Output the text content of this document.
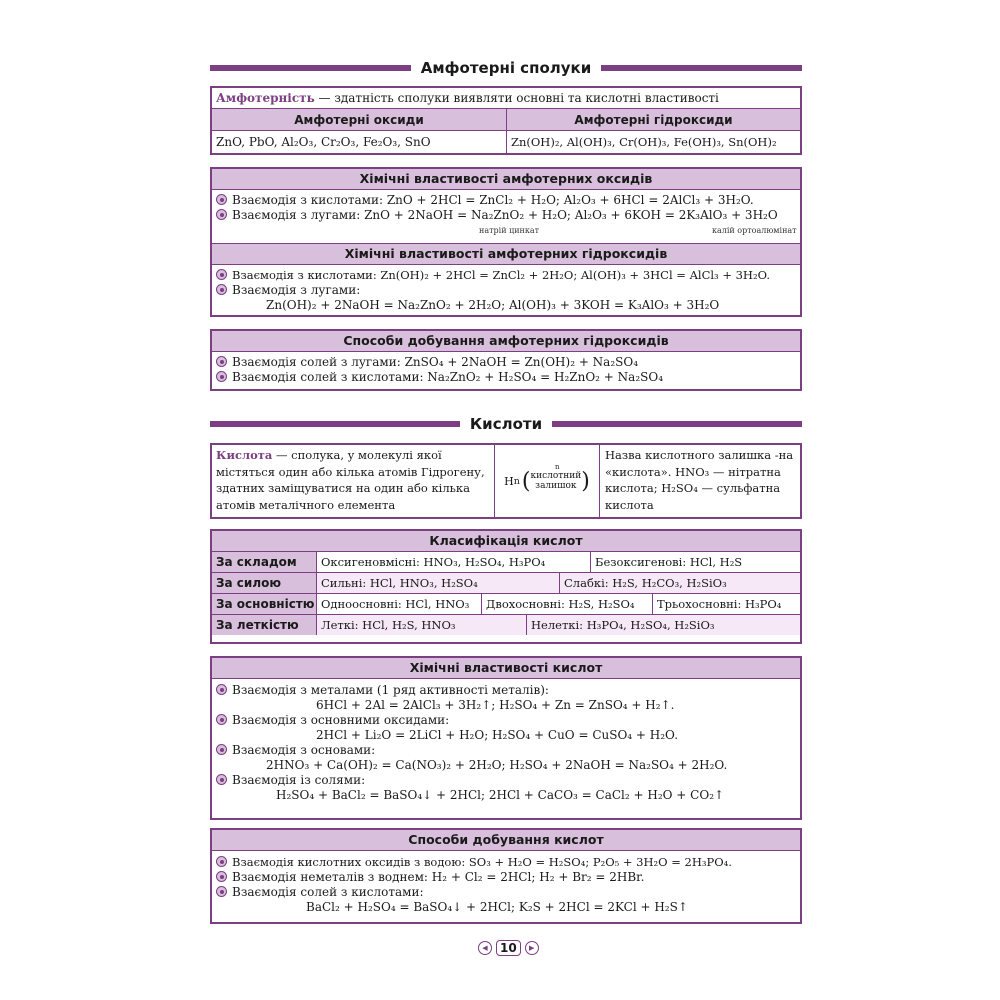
Амфотерні сполуки
Амфотерність — здатність сполуки виявляти основні та кислотні властивості
Амфотерні оксиди	Амфотерні гідроксиди
ZnO, PbO, Al₂O₃, Cr₂O₃, Fe₂O₃, SnO	Zn(OH)₂, Al(OH)₃, Cr(OH)₃, Fe(OH)₃, Sn(OH)₂
Хімічні властивості амфотерних оксидів
Взаємодія з кислотами: ZnO + 2HCl = ZnCl₂ + H₂O; Al₂O₃ + 6HCl = 2AlCl₃ + 3H₂O.
Взаємодія з лугами: ZnO + 2NaOH = Na₂ZnO₂ + H₂O; Al₂O₃ + 6KOH = 2K₃AlO₃ + 3H₂O
натрій цинкат	калій ортоалюмінат
Хімічні властивості амфотерних гідроксидів
Взаємодія з кислотами: Zn(OH)₂ + 2HCl = ZnCl₂ + 2H₂O; Al(OH)₃ + 3HCl = AlCl₃ + 3H₂O.
Взаємодія з лугами:
Zn(OH)₂ + 2NaOH = Na₂ZnO₂ + 2H₂O; Al(OH)₃ + 3KOH = K₃AlO₃ + 3H₂O
Способи добування амфотерних гідроксидів
Взаємодія солей з лугами: ZnSO₄ + 2NaOH = Zn(OH)₂ + Na₂SO₄
Взаємодія солей з кислотами: Na₂ZnO₂ + H₂SO₄ = H₂ZnO₂ + Na₂SO₄
Кислоти
Кислота — сполука, у молекулі якої містяться один або кілька атомів Гідрогену, здатних заміщуватися на один або кілька атомів металічного елемента
H n ( кислотний
залишок )
n
Назва кислотного залишка -на «кислота». HNO₃ — нітратна кислота; H₂SO₄ — сульфатна кислота
Класифікація кислот
За складом	Оксигеновмісні: HNO₃, H₂SO₄, H₃PO₄	Безоксигенові: HCl, H₂S
За силою	Сильні: HCl, HNO₃, H₂SO₄	Слабкі: H₂S, H₂CO₃, H₂SiO₃
За основністю Одноосновні: HCl, HNO₃	Двохосновні: H₂S, H₂SO₄	Трьохосновні: H₃PO₄
За леткістю	Леткі: HCl, H₂S, HNO₃	Нелеткі: H₃PO₄, H₂SO₄, H₂SiO₃
Хімічні властивості кислот
Взаємодія з металами (1 ряд активності металів):
6HCl + 2Al = 2AlCl₃ + 3H₂↑; H₂SO₄ + Zn = ZnSO₄ + H₂↑.
Взаємодія з основними оксидами:
2HCl + Li₂O = 2LiCl + H₂O; H₂SO₄ + CuO = CuSO₄ + H₂O.
Взаємодія з основами:
2HNO₃ + Ca(OH)₂ = Ca(NO₃)₂ + 2H₂O; H₂SO₄ + 2NaOH = Na₂SO₄ + 2H₂O.
Взаємодія із солями:
H₂SO₄ + BaCl₂ = BaSO₄↓ + 2HCl; 2HCl + CaCO₃ = CaCl₂ + H₂O + CO₂↑
Способи добування кислот
Взаємодія кислотних оксидів з водою: SO₃ + H₂O = H₂SO₄; P₂O₅ + 3H₂O = 2H₃PO₄.
Взаємодія неметалів з воднем: H₂ + Cl₂ = 2HCl; H₂ + Br₂ = 2HBr.
Взаємодія солей з кислотами:
BaCl₂ + H₂SO₄ = BaSO₄↓ + 2HCl; K₂S + 2HCl = 2KCl + H₂S↑
◀	10	▶
